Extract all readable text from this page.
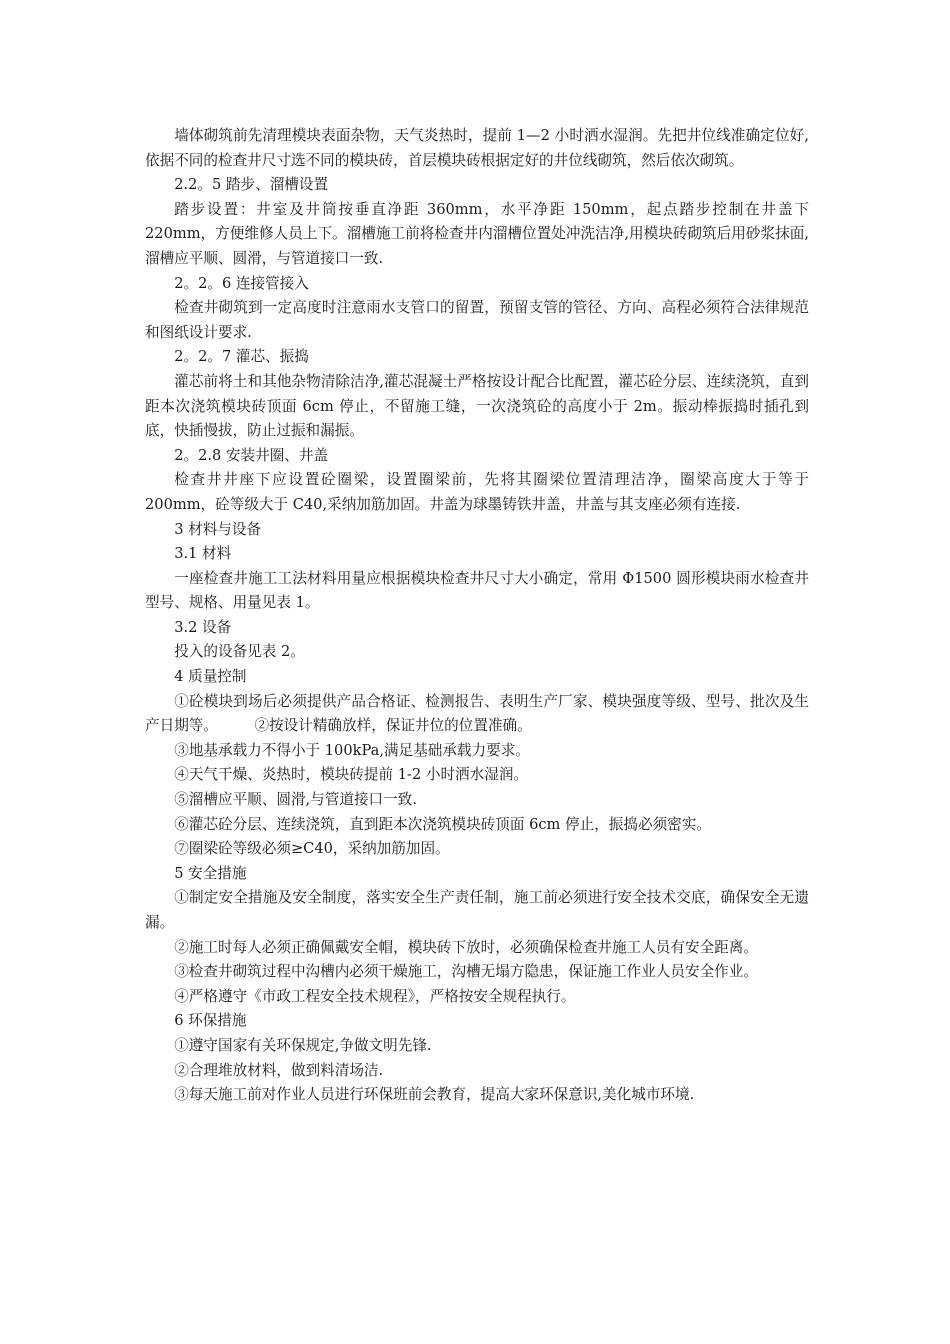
墙体砌筑前先清理模块表面杂物，天气炎热时，提前 1—2 小时洒水湿润。先把井位线准确定位好,依据不同的检查井尺寸选不同的模块砖，首层模块砖根据定好的井位线砌筑，然后依次砌筑。

2.2。5 踏步、溜槽设置

踏步设置：井室及井筒按垂直净距 360mm，水平净距 150mm，起点踏步控制在井盖下 220mm，方便维修人员上下。溜槽施工前将检查井内溜槽位置处冲洗洁净,用模块砖砌筑后用砂浆抹面,溜槽应平顺、圆滑，与管道接口一致.

2。2。6 连接管接入

检查井砌筑到一定高度时注意雨水支管口的留置，预留支管的管径、方向、高程必须符合法律规范和图纸设计要求.

2。2。7 灌芯、振捣

灌芯前将土和其他杂物清除洁净,灌芯混凝土严格按设计配合比配置，灌芯砼分层、连续浇筑，直到距本次浇筑模块砖顶面 6cm 停止，不留施工缝，一次浇筑砼的高度小于 2m。振动棒振捣时插孔到底，快插慢拔，防止过振和漏振。

2。2.8 安装井圈、井盖

检查井井座下应设置砼圈梁，设置圈梁前，先将其圈梁位置清理洁净，圈梁高度大于等于 200mm，砼等级大于 C40,采纳加筋加固。井盖为球墨铸铁井盖，井盖与其支座必须有连接.

3 材料与设备

3.1 材料

一座检查井施工工法材料用量应根据模块检查井尺寸大小确定，常用 Φ1500 圆形模块雨水检查井型号、规格、用量见表 1。

3.2 设备

投入的设备见表 2。

4 质量控制

①砼模块到场后必须提供产品合格证、检测报告、表明生产厂家、模块强度等级、型号、批次及生产日期等。　　　②按设计精确放样，保证井位的位置准确。

③地基承载力不得小于 100kPa,满足基础承载力要求。

④天气干燥、炎热时，模块砖提前 1-2 小时洒水湿润。

⑤溜槽应平顺、圆滑,与管道接口一致.

⑥灌芯砼分层、连续浇筑，直到距本次浇筑模块砖顶面 6cm 停止，振捣必须密实。

⑦圈梁砼等级必须≥C40，采纳加筋加固。

5 安全措施

①制定安全措施及安全制度，落实安全生产责任制，施工前必须进行安全技术交底，确保安全无遗漏。

②施工时每人必须正确佩戴安全帽，模块砖下放时，必须确保检查井施工人员有安全距离。

③检查井砌筑过程中沟槽内必须干燥施工，沟槽无塌方隐患，保证施工作业人员安全作业。

④严格遵守《市政工程安全技术规程》，严格按安全规程执行。

6 环保措施

①遵守国家有关环保规定,争做文明先锋.

②合理堆放材料，做到料清场洁.

③每天施工前对作业人员进行环保班前会教育，提高大家环保意识,美化城市环境.
